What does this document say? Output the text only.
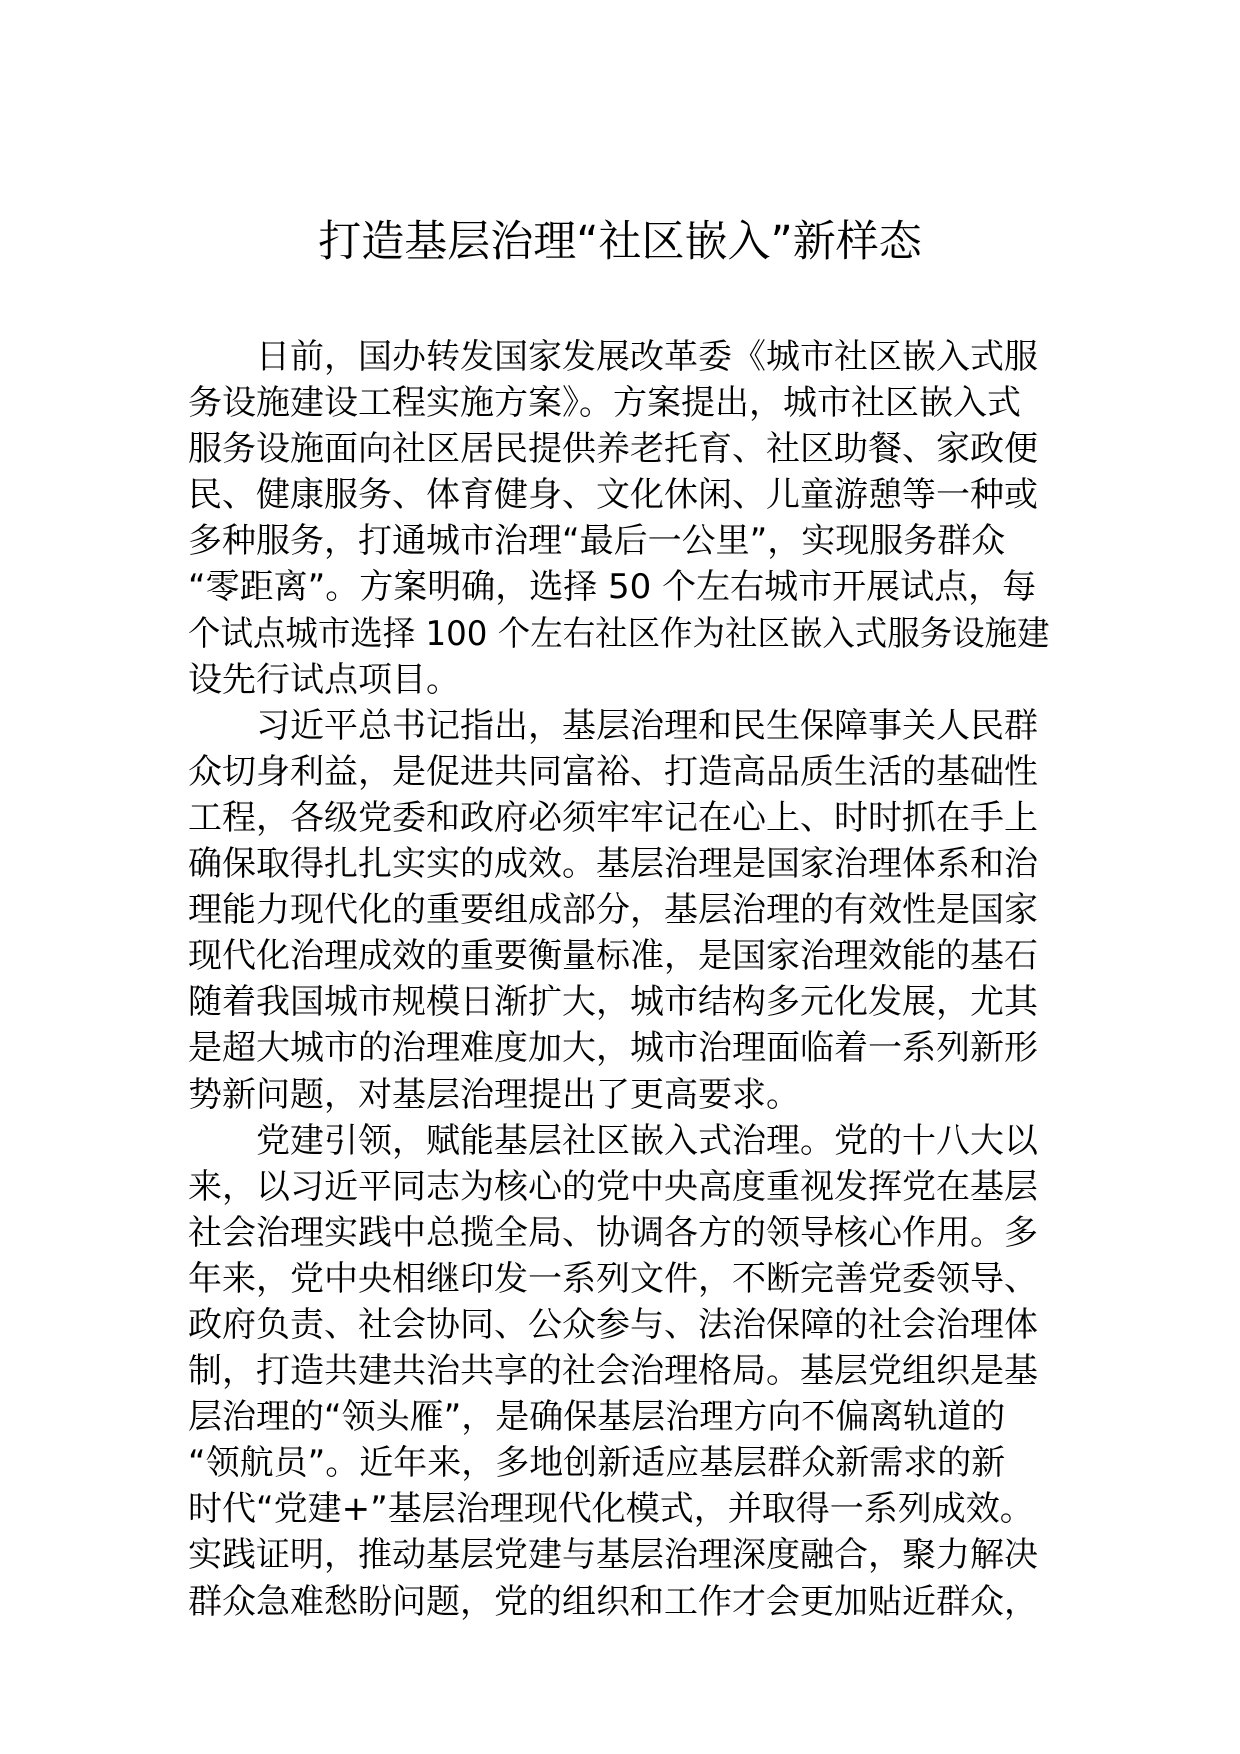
打造基层治理“社区嵌入”新样态
　　日前，国办转发国家发展改革委《城市社区嵌入式服
务设施建设工程实施方案》。方案提出，城市社区嵌入式
服务设施面向社区居民提供养老托育、社区助餐、家政便
民、健康服务、体育健身、文化休闲、儿童游憩等一种或
多种服务，打通城市治理“最后一公里”，实现服务群众
“零距离”。方案明确，选择 50 个左右城市开展试点，每
个试点城市选择 100 个左右社区作为社区嵌入式服务设施建
设先行试点项目。
　　习近平总书记指出，基层治理和民生保障事关人民群
众切身利益，是促进共同富裕、打造高品质生活的基础性
工程，各级党委和政府必须牢牢记在心上、时时抓在手上
确保取得扎扎实实的成效。基层治理是国家治理体系和治
理能力现代化的重要组成部分，基层治理的有效性是国家
现代化治理成效的重要衡量标准，是国家治理效能的基石
随着我国城市规模日渐扩大，城市结构多元化发展，尤其
是超大城市的治理难度加大，城市治理面临着一系列新形
势新问题，对基层治理提出了更高要求。
　　党建引领，赋能基层社区嵌入式治理。党的十八大以
来，以习近平同志为核心的党中央高度重视发挥党在基层
社会治理实践中总揽全局、协调各方的领导核心作用。多
年来，党中央相继印发一系列文件，不断完善党委领导、
政府负责、社会协同、公众参与、法治保障的社会治理体
制，打造共建共治共享的社会治理格局。基层党组织是基
层治理的“领头雁”，是确保基层治理方向不偏离轨道的
“领航员”。近年来，多地创新适应基层群众新需求的新
时代“党建+”基层治理现代化模式，并取得一系列成效。
实践证明，推动基层党建与基层治理深度融合，聚力解决
群众急难愁盼问题，党的组织和工作才会更加贴近群众，
